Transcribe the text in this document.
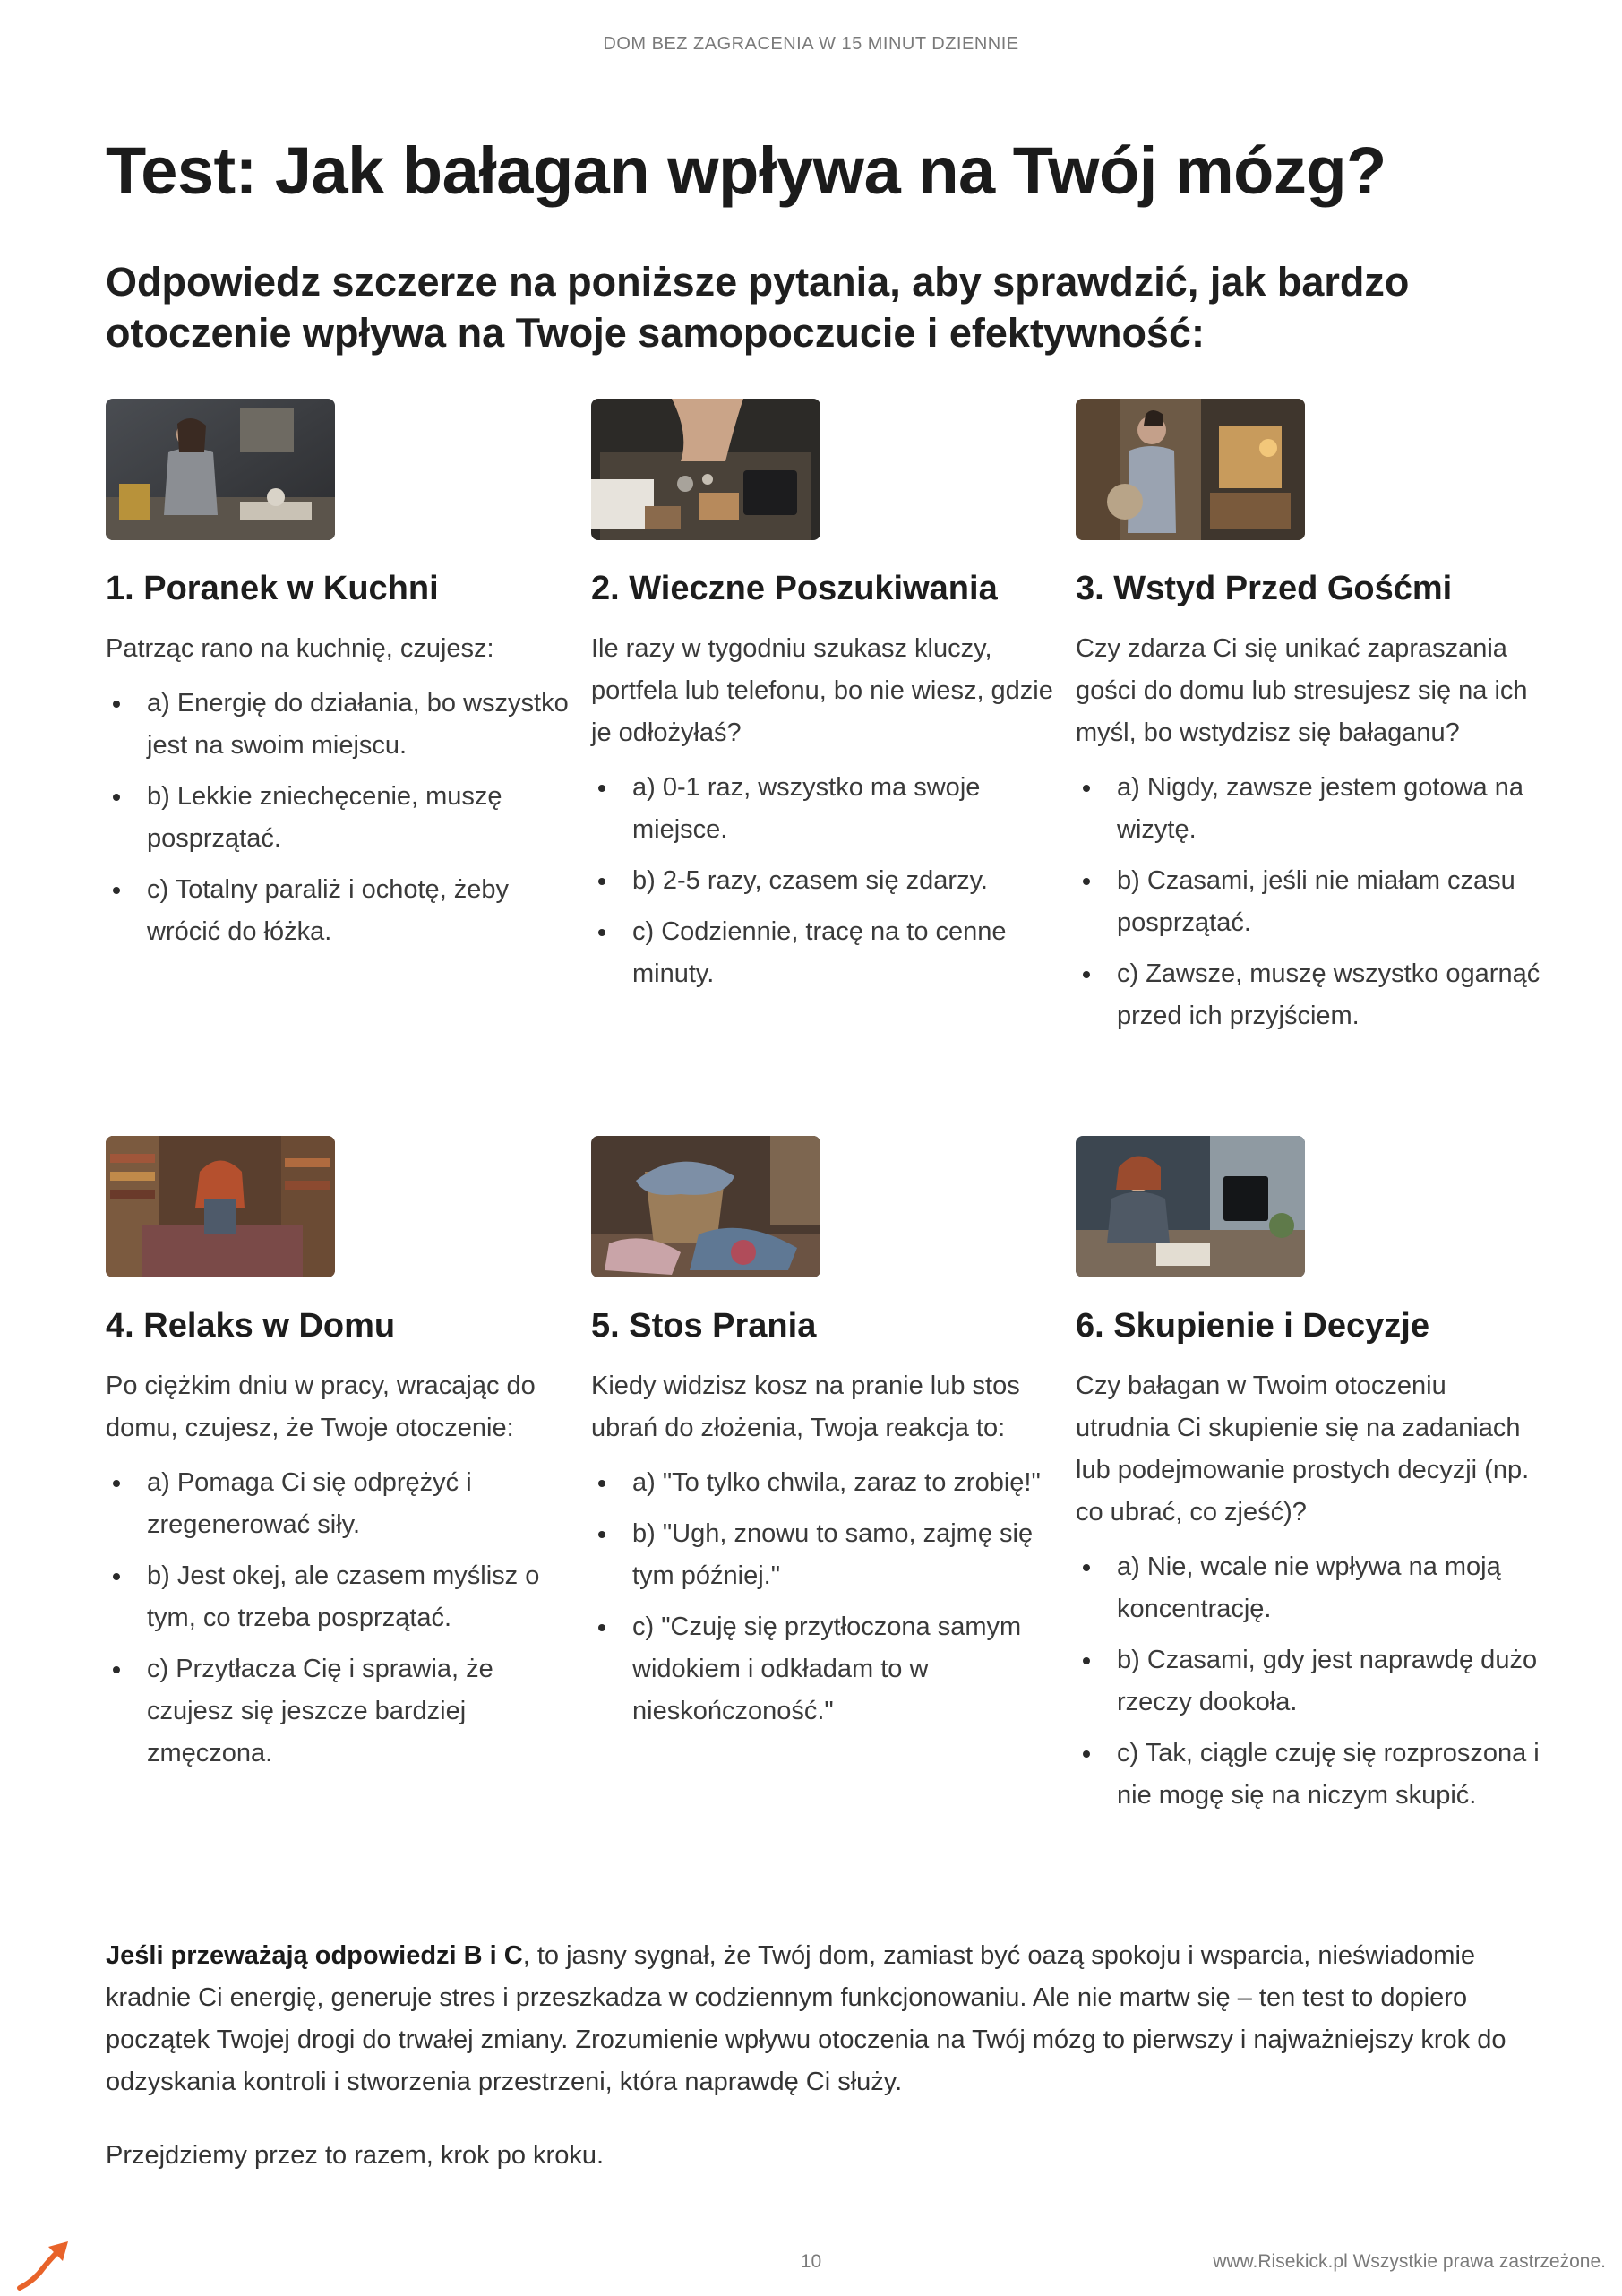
DOM BEZ ZAGRACENIA W 15 MINUT DZIENNIE
Test: Jak bałagan wpływa na Twój mózg?

Odpowiedz szczerze na poniższe pytania, aby sprawdzić, jak bardzo otoczenie wpływa na Twoje samopoczucie i efektywność:

1. Poranek w Kuchni

Patrząc rano na kuchnię, czujesz:

a) Energię do działania, bo wszystko jest na swoim miejscu.
b) Lekkie zniechęcenie, muszę posprzątać.
c) Totalny paraliż i ochotę, żeby wrócić do łóżka.
2. Wieczne Poszukiwania

Ile razy w tygodniu szukasz kluczy, portfela lub telefonu, bo nie wiesz, gdzie je odłożyłaś?

a) 0-1 raz, wszystko ma swoje miejsce.
b) 2-5 razy, czasem się zdarzy.
c) Codziennie, tracę na to cenne minuty.
3. Wstyd Przed Gośćmi

Czy zdarza Ci się unikać zapraszania gości do domu lub stresujesz się na ich myśl, bo wstydzisz się bałaganu?

a) Nigdy, zawsze jestem gotowa na wizytę.
b) Czasami, jeśli nie miałam czasu posprzątać.
c) Zawsze, muszę wszystko ogarnąć przed ich przyjściem.
4. Relaks w Domu

Po ciężkim dniu w pracy, wracając do domu, czujesz, że Twoje otoczenie:

a) Pomaga Ci się odprężyć i zregenerować siły.
b) Jest okej, ale czasem myślisz o tym, co trzeba posprzątać.
c) Przytłacza Cię i sprawia, że czujesz się jeszcze bardziej zmęczona.
5. Stos Prania

Kiedy widzisz kosz na pranie lub stos ubrań do złożenia, Twoja reakcja to:

a) "To tylko chwila, zaraz to zrobię!"
b) "Ugh, znowu to samo, zajmę się tym później."
c) "Czuję się przytłoczona samym widokiem i odkładam to w nieskończoność."
6. Skupienie i Decyzje

Czy bałagan w Twoim otoczeniu utrudnia Ci skupienie się na zadaniach lub podejmowanie prostych decyzji (np. co ubrać, co zjeść)?

a) Nie, wcale nie wpływa na moją koncentrację.
b) Czasami, gdy jest naprawdę dużo rzeczy dookoła.
c) Tak, ciągle czuję się rozproszona i nie mogę się na niczym skupić.

Jeśli przeważają odpowiedzi B i C, to jasny sygnał, że Twój dom, zamiast być oazą spokoju i wsparcia, nieświadomie kradnie Ci energię, generuje stres i przeszkadza w codziennym funkcjonowaniu. Ale nie martw się – ten test to dopiero początek Twojej drogi do trwałej zmiany. Zrozumienie wpływu otoczenia na Twój mózg to pierwszy i najważniejszy krok do odzyskania kontroli i stworzenia przestrzeni, która naprawdę Ci służy.

Przejdziemy przez to razem, krok po kroku.

10	www.Risekick.pl Wszystkie prawa zastrzeżone.
